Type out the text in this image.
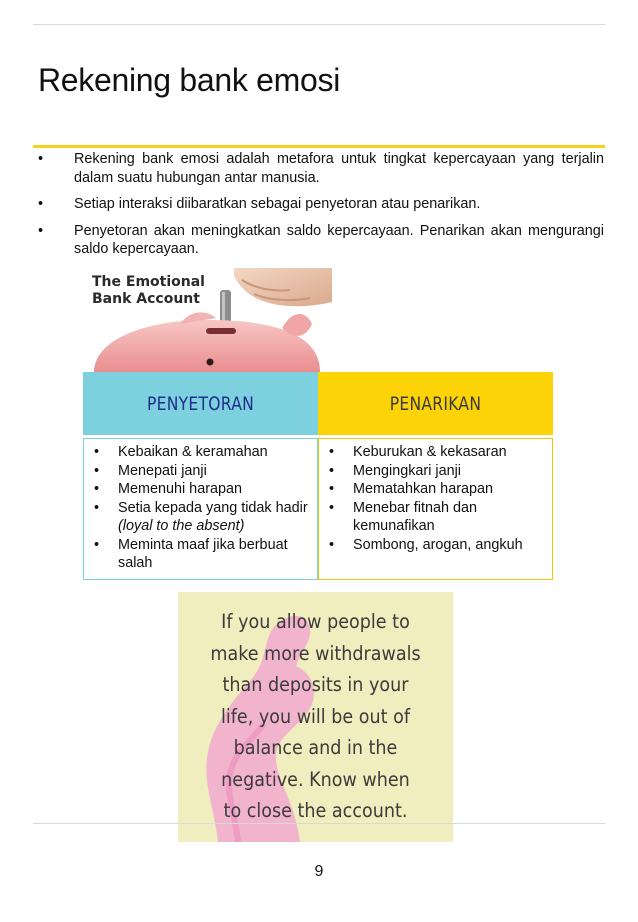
Rekening bank emosi
• Rekening bank emosi adalah metafora untuk tingkat kepercayaan yang terjalin dalam suatu hubungan antar manusia.
• Setiap interaksi diibaratkan sebagai penyetoran atau penarikan.
• Penyetoran akan meningkatkan saldo kepercayaan. Penarikan akan mengurangi saldo kepercayaan.
The Emotional
Bank Account
PENYETORAN
• Kebaikan & keramahan
• Menepati janji
• Memenuhi harapan
• Setia kepada yang tidak hadir (loyal to the absent)
• Meminta maaf jika berbuat salah
PENARIKAN
• Keburukan & kekasaran
• Mengingkari janji
• Mematahkan harapan
• Menebar fitnah dan kemunafikan
• Sombong, arogan, angkuh
If you allow people to
make more withdrawals
than deposits in your
life, you will be out of
balance and in the
negative. Know when
to close the account.
9
